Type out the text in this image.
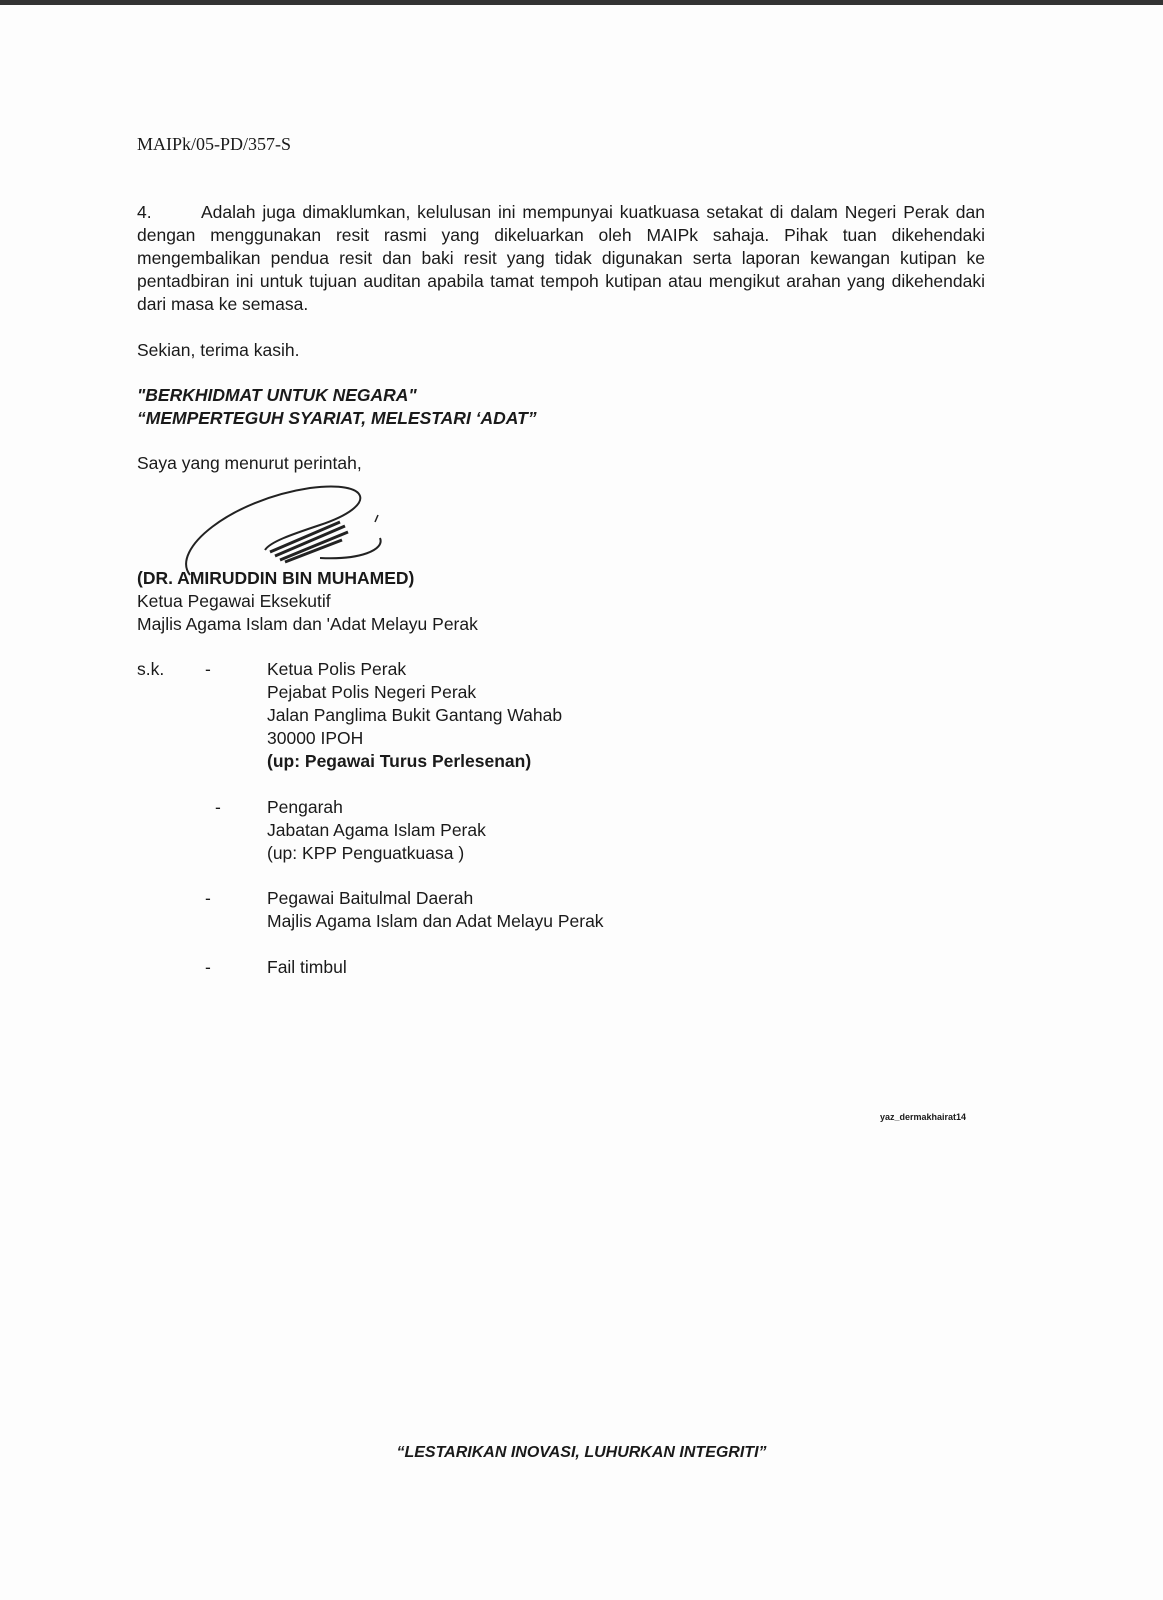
MAIPk/05-PD/357-S
4.	Adalah juga dimaklumkan, kelulusan ini mempunyai kuatkuasa setakat di dalam Negeri Perak dan dengan menggunakan resit rasmi yang dikeluarkan oleh MAIPk sahaja. Pihak tuan dikehendaki mengembalikan pendua resit dan baki resit yang tidak digunakan serta laporan kewangan kutipan ke pentadbiran ini untuk tujuan auditan apabila tamat tempoh kutipan atau mengikut arahan yang dikehendaki dari masa ke semasa.
Sekian, terima kasih.
"BERKHIDMAT UNTUK NEGARA"
“MEMPERTEGUH SYARIAT, MELESTARI ‘ADAT”
Saya yang menurut perintah,
(DR. AMIRUDDIN BIN MUHAMED)
Ketua Pegawai Eksekutif
Majlis Agama Islam dan 'Adat Melayu Perak
s.k. -	Ketua Polis Perak
Pejabat Polis Negeri Perak
Jalan Panglima Bukit Gantang Wahab
30000 IPOH
(up: Pegawai Turus Perlesenan)
-	Pengarah
Jabatan Agama Islam Perak
(up: KPP Penguatkuasa )
-	Pegawai Baitulmal Daerah
Majlis Agama Islam dan Adat Melayu Perak
-	Fail timbul
yaz_dermakhairat14
“LESTARIKAN INOVASI, LUHURKAN INTEGRITI”
